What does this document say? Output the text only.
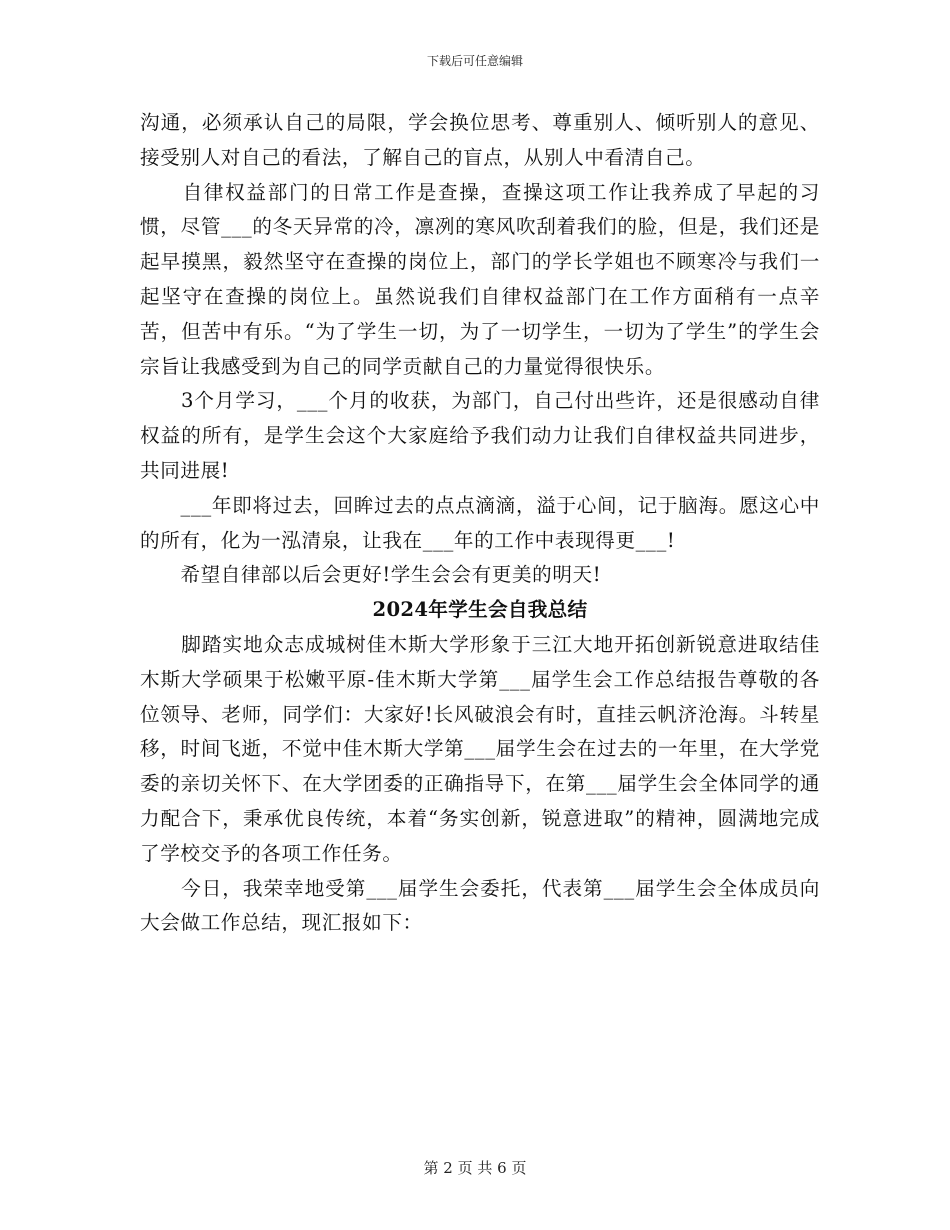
下载后可任意编辑

沟通，必须承认自己的局限，学会换位思考、尊重别人、倾听别人的意见、接受别人对自己的看法，了解自己的盲点，从别人中看清自己。

　　自律权益部门的日常工作是查操，查操这项工作让我养成了早起的习惯，尽管___的冬天异常的冷，凛冽的寒风吹刮着我们的脸，但是，我们还是起早摸黑，毅然坚守在查操的岗位上，部门的学长学姐也不顾寒冷与我们一起坚守在查操的岗位上。虽然说我们自律权益部门在工作方面稍有一点辛苦，但苦中有乐。“为了学生一切，为了一切学生，一切为了学生”的学生会宗旨让我感受到为自己的同学贡献自己的力量觉得很快乐。

　　3个月学习，___个月的收获，为部门，自己付出些许，还是很感动自律权益的所有，是学生会这个大家庭给予我们动力让我们自律权益共同进步，共同进展!

　　___年即将过去，回眸过去的点点滴滴，溢于心间，记于脑海。愿这心中的所有，化为一泓清泉，让我在___年的工作中表现得更___!

　　希望自律部以后会更好!学生会会有更美的明天!

2024年学生会自我总结

　　脚踏实地众志成城树佳木斯大学形象于三江大地开拓创新锐意进取结佳木斯大学硕果于松嫩平原-佳木斯大学第___届学生会工作总结报告尊敬的各位领导、老师，同学们：大家好!长风破浪会有时，直挂云帆济沧海。斗转星移，时间飞逝，不觉中佳木斯大学第___届学生会在过去的一年里，在大学党委的亲切关怀下、在大学团委的正确指导下，在第___届学生会全体同学的通力配合下，秉承优良传统，本着“务实创新，锐意进取”的精神，圆满地完成了学校交予的各项工作任务。

　　今日，我荣幸地受第___届学生会委托，代表第___届学生会全体成员向大会做工作总结，现汇报如下：

第 2 页 共 6 页
